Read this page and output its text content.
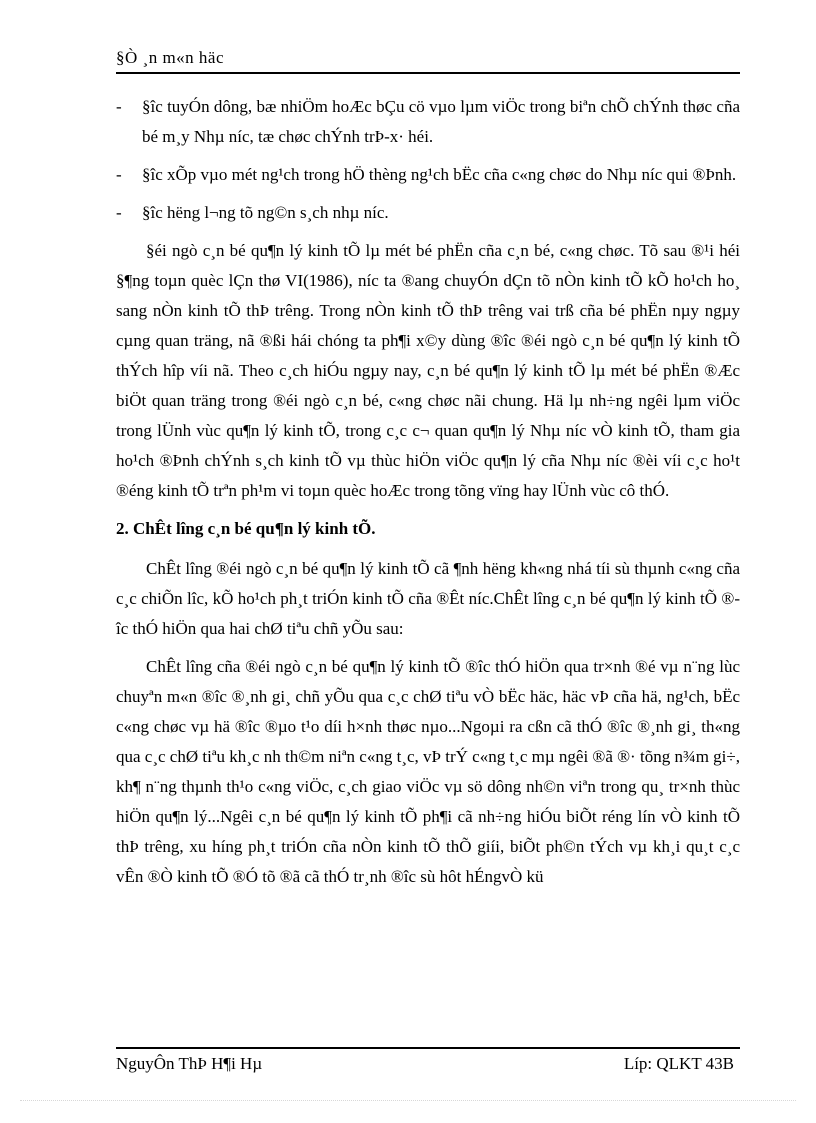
§Ò ¸n m«n häc
-	§îc tuyÓn dông, bæ nhiÖm hoÆc bÇu cö vµo lµm viÖc trong biªn chÕ chÝnh thøc cña bé m¸y Nhµ níc, tæ chøc chÝnh trÞ-x· héi.
-	§îc xÕp vµo mét ng¹ch trong hÖ thèng ng¹ch bËc cña c«ng chøc do Nhµ níc qui ®Þnh.
-	§îc hëng l¬ng tõ ng©n s¸ch nhµ níc.

§éi ngò c¸n bé qu¶n lý kinh tÕ lµ mét bé phËn cña c¸n bé, c«ng chøc. Tõ sau ®¹i héi §¶ng toµn quèc lÇn thø VI(1986), níc ta ®ang chuyÓn dÇn tõ nÒn kinh tÕ kÕ ho¹ch ho¸ sang nÒn kinh tÕ thÞ trêng. Trong nÒn kinh tÕ thÞ trêng vai trß cña bé phËn nµy ngµy cµng quan träng, nã ®ßi hái chóng ta ph¶i x©y dùng ®îc ®éi ngò c¸n bé qu¶n lý kinh tÕ thÝch hîp víi nã. Theo c¸ch hiÓu ngµy nay, c¸n bé qu¶n lý kinh tÕ lµ mét bé phËn ®Æc biÖt quan träng trong ®éi ngò c¸n bé, c«ng chøc nãi chung. Hä lµ nh÷ng ngêi lµm viÖc trong lÜnh vùc qu¶n lý kinh tÕ, trong c¸c c¬ quan qu¶n lý Nhµ níc vÒ kinh tÕ, tham gia ho¹ch ®Þnh chÝnh s¸ch kinh tÕ vµ thùc hiÖn viÖc qu¶n lý cña Nhµ níc ®èi víi c¸c ho¹t ®éng kinh tÕ trªn ph¹m vi toµn quèc hoÆc trong tõng vïng hay lÜnh vùc cô thÓ.

2. ChÊt lîng c¸n bé qu¶n lý kinh tÕ.

ChÊt lîng ®éi ngò c¸n bé qu¶n lý kinh tÕ cã ¶nh hëng kh«ng nhá tíi sù thµnh c«ng cña c¸c chiÕn lîc, kÕ ho¹ch ph¸t triÓn kinh tÕ cña ®Êt níc.ChÊt lîng c¸n bé qu¶n lý kinh tÕ ®îc thÓ hiÖn qua hai chØ tiªu chñ yÕu sau:

ChÊt lîng cña ®éi ngò c¸n bé qu¶n lý kinh tÕ ®îc thÓ hiÖn qua tr×nh ®é vµ n¨ng lùc chuyªn m«n ®îc ®¸nh gi¸ chñ yÕu qua c¸c chØ tiªu vÒ bËc häc, häc vÞ cña hä, ng¹ch, bËc c«ng chøc vµ hä ®îc ®µo t¹o díi h×nh thøc nµo...Ngoµi ra cßn cã thÓ ®îc ®¸nh gi¸ th«ng qua c¸c chØ tiªu kh¸c nh th©m niªn c«ng t¸c, vÞ trÝ c«ng t¸c mµ ngêi ®ã ®· tõng n¾m gi÷, kh¶ n¨ng thµnh th¹o c«ng viÖc, c¸ch giao viÖc vµ sö dông nh©n viªn trong qu¸ tr×nh thùc hiÖn qu¶n lý...Ngêi c¸n bé qu¶n lý kinh tÕ ph¶i cã nh÷ng hiÓu biÕt réng lín vÒ kinh tÕ thÞ trêng, xu híng ph¸t triÓn cña nÒn kinh tÕ thÕ giíi, biÕt ph©n tÝch vµ kh¸i qu¸t c¸c vÊn ®Ò kinh tÕ ®Ó tõ ®ã cã thÓ tr¸nh ®îc sù hôt hÉngvÒ kü

NguyÔn ThÞ H¶i Hµ	Líp: QLKT 43B
